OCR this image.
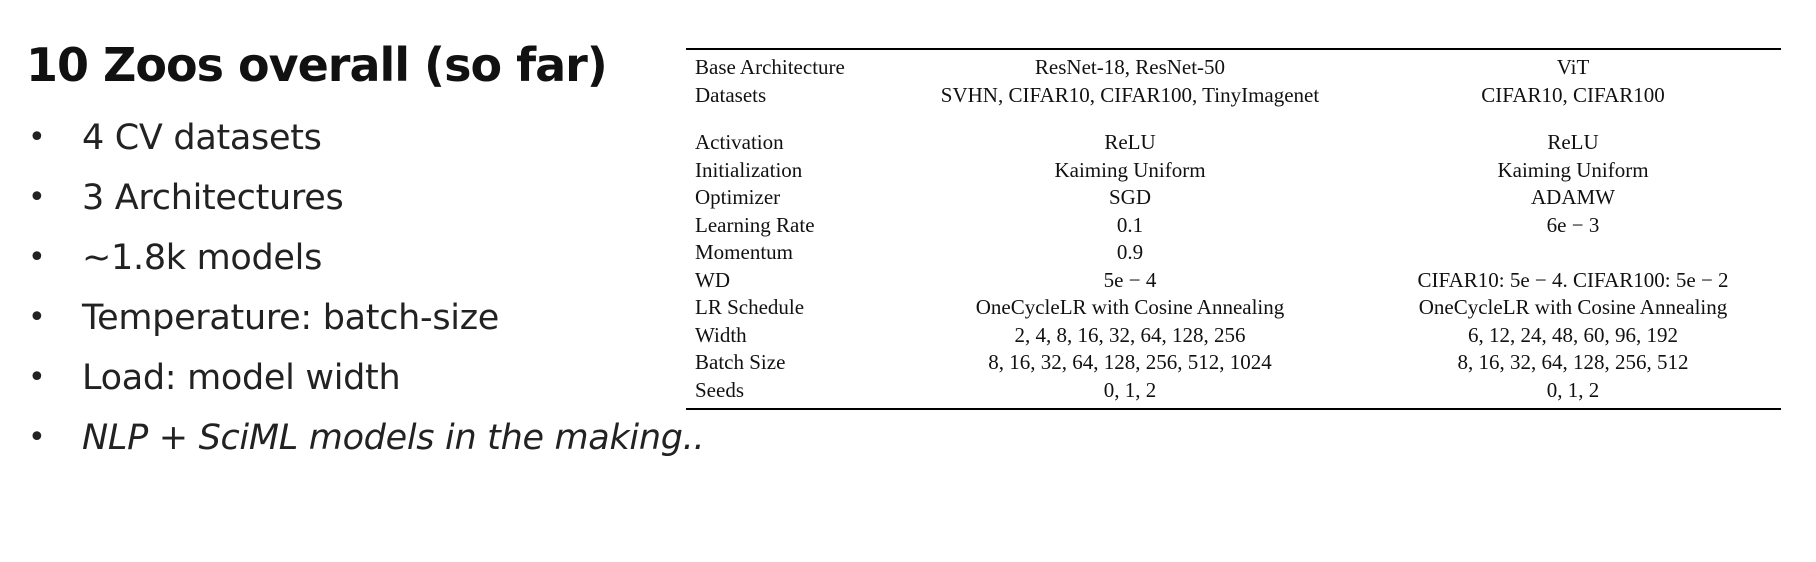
10 Zoos overall (so far)
• 4 CV datasets
• 3 Architectures
• ~1.8k models
• Temperature: batch-size
• Load: model width
• NLP + SciML models in the making..
Base Architecture	ResNet-18, ResNet-50	ViT
Datasets	SVHN, CIFAR10, CIFAR100, TinyImagenet	CIFAR10, CIFAR100

Activation	ReLU	ReLU
Initialization	Kaiming Uniform	Kaiming Uniform
Optimizer	SGD	ADAMW
Learning Rate	0.1	6e − 3
Momentum	0.9	
WD	5e − 4	CIFAR10: 5e − 4. CIFAR100: 5e − 2
LR Schedule	OneCycleLR with Cosine Annealing	OneCycleLR with Cosine Annealing
Width	2, 4, 8, 16, 32, 64, 128, 256	6, 12, 24, 48, 60, 96, 192
Batch Size	8, 16, 32, 64, 128, 256, 512, 1024	8, 16, 32, 64, 128, 256, 512
Seeds	0, 1, 2	0, 1, 2
